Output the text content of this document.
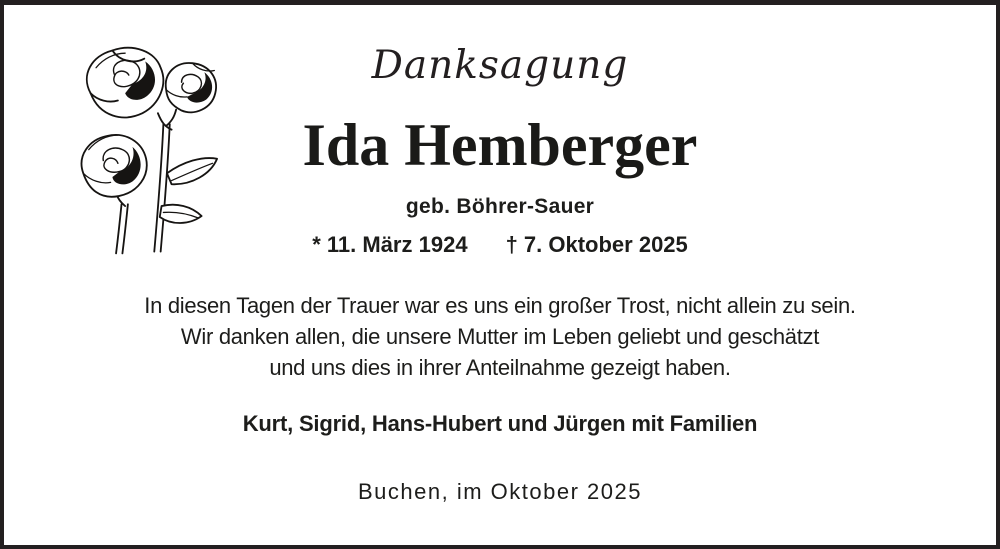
Danksagung
Ida Hemberger
geb. Böhrer-Sauer
* 11. März 1924 † 7. Oktober 2025
In diesen Tagen der Trauer war es uns ein großer Trost, nicht allein zu sein.
Wir danken allen, die unsere Mutter im Leben geliebt und geschätzt
und uns dies in ihrer Anteilnahme gezeigt haben.
Kurt, Sigrid, Hans-Hubert und Jürgen mit Familien
Buchen, im Oktober 2025
